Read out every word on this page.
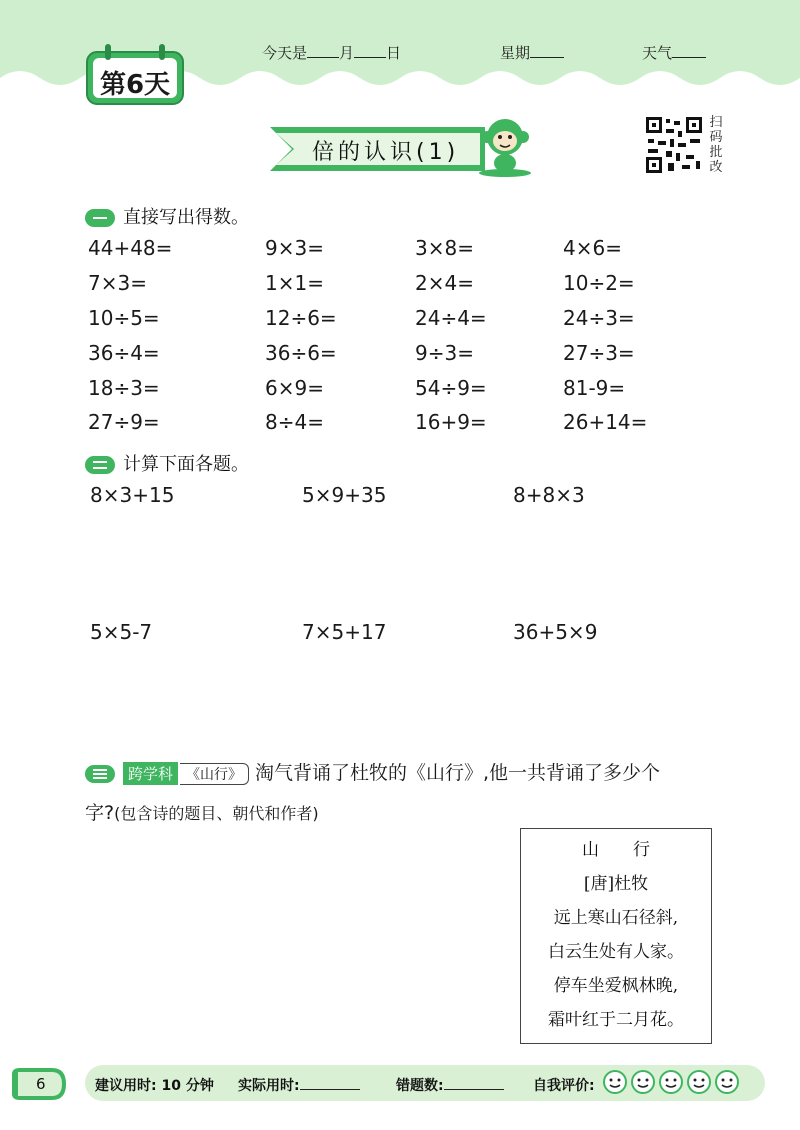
第6天
今天是 月 日	星期	天气
倍的认识(1)
扫
码
批
改
直接写出得数。
44+48=	9×3=	3×8=	4×6=
7×3=	1×1=	2×4=	10÷2=
10÷5=	12÷6=	24÷4=	24÷3=
36÷4=	36÷6=	9÷3=	27÷3=
18÷3=	6×9=	54÷9=	81-9=
27÷9=	8÷4=	16+9=	26+14=
计算下面各题。
8×3+15	5×9+35	8+8×3
5×5-7	7×5+17	36+5×9
跨学科 《山行》 淘气背诵了杜牧的《山行》,他一共背诵了多少个
字?(包含诗的题目、朝代和作者)
山　　行
[唐]杜牧
远上寒山石径斜,
白云生处有人家。
停车坐爱枫林晚,
霜叶红于二月花。
6	建议用时: 10 分钟 实际用时:	错题数:	自我评价:
